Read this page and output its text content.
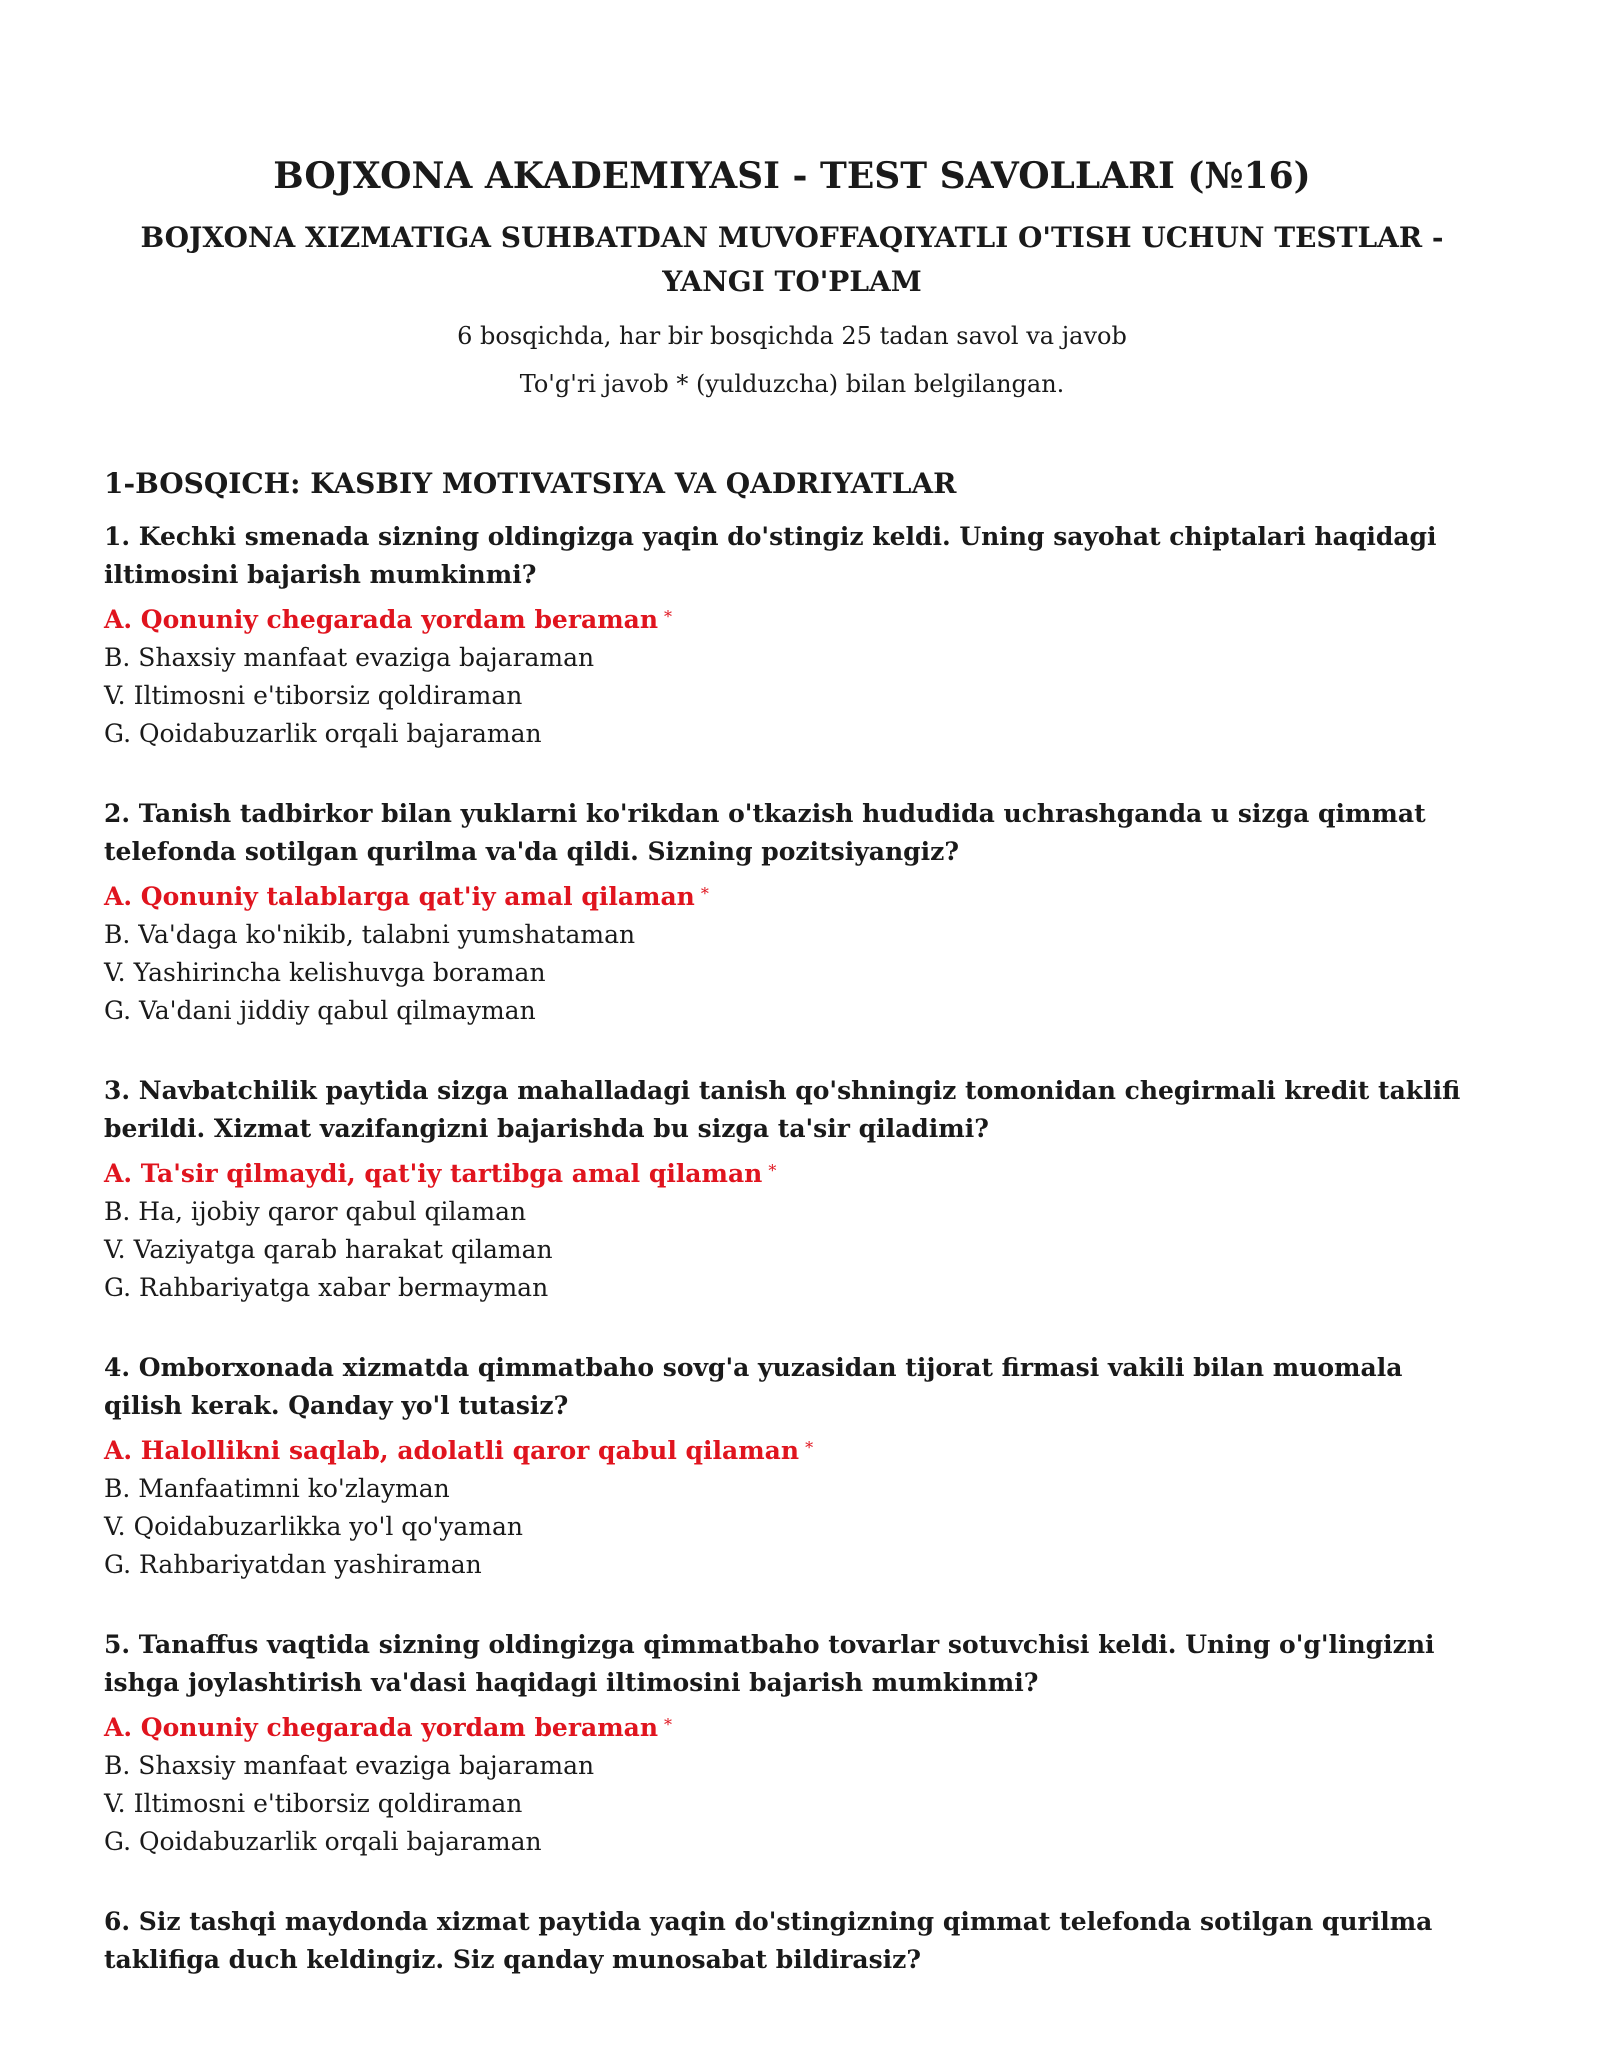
BOJXONA AKADEMIYASI - TEST SAVOLLARI (№16)
BOJXONA XIZMATIGA SUHBATDAN MUVOFFAQIYATLI O'TISH UCHUN TESTLAR - YANGI TO'PLAM

6 bosqichda, har bir bosqichda 25 tadan savol va javob

To'g'ri javob * (yulduzcha) bilan belgilangan.

1-BOSQICH: KASBIY MOTIVATSIYA VA QADRIYATLAR

1. Kechki smenada sizning oldingizga yaqin do'stingiz keldi. Uning sayohat chiptalari haqidagi iltimosini bajarish mumkinmi?

A. Qonuniy chegarada yordam beraman *

B. Shaxsiy manfaat evaziga bajaraman

V. Iltimosni e'tiborsiz qoldiraman

G. Qoidabuzarlik orqali bajaraman

2. Tanish tadbirkor bilan yuklarni ko'rikdan o'tkazish hududida uchrashganda u sizga qimmat telefonda sotilgan qurilma va'da qildi. Sizning pozitsiyangiz?

A. Qonuniy talablarga qat'iy amal qilaman *

B. Va'daga ko'nikib, talabni yumshataman

V. Yashirincha kelishuvga boraman

G. Va'dani jiddiy qabul qilmayman

3. Navbatchilik paytida sizga mahalladagi tanish qo'shningiz tomonidan chegirmali kredit taklifi berildi. Xizmat vazifangizni bajarishda bu sizga ta'sir qiladimi?

A. Ta'sir qilmaydi, qat'iy tartibga amal qilaman *

B. Ha, ijobiy qaror qabul qilaman

V. Vaziyatga qarab harakat qilaman

G. Rahbariyatga xabar bermayman

4. Omborxonada xizmatda qimmatbaho sovg'a yuzasidan tijorat firmasi vakili bilan muomala qilish kerak. Qanday yo'l tutasiz?

A. Halollikni saqlab, adolatli qaror qabul qilaman *

B. Manfaatimni ko'zlayman

V. Qoidabuzarlikka yo'l qo'yaman

G. Rahbariyatdan yashiraman

5. Tanaffus vaqtida sizning oldingizga qimmatbaho tovarlar sotuvchisi keldi. Uning o'g'lingizni ishga joylashtirish va'dasi haqidagi iltimosini bajarish mumkinmi?

A. Qonuniy chegarada yordam beraman *

B. Shaxsiy manfaat evaziga bajaraman

V. Iltimosni e'tiborsiz qoldiraman

G. Qoidabuzarlik orqali bajaraman

6. Siz tashqi maydonda xizmat paytida yaqin do'stingizning qimmat telefonda sotilgan qurilma taklifiga duch keldingiz. Siz qanday munosabat bildirasiz?
